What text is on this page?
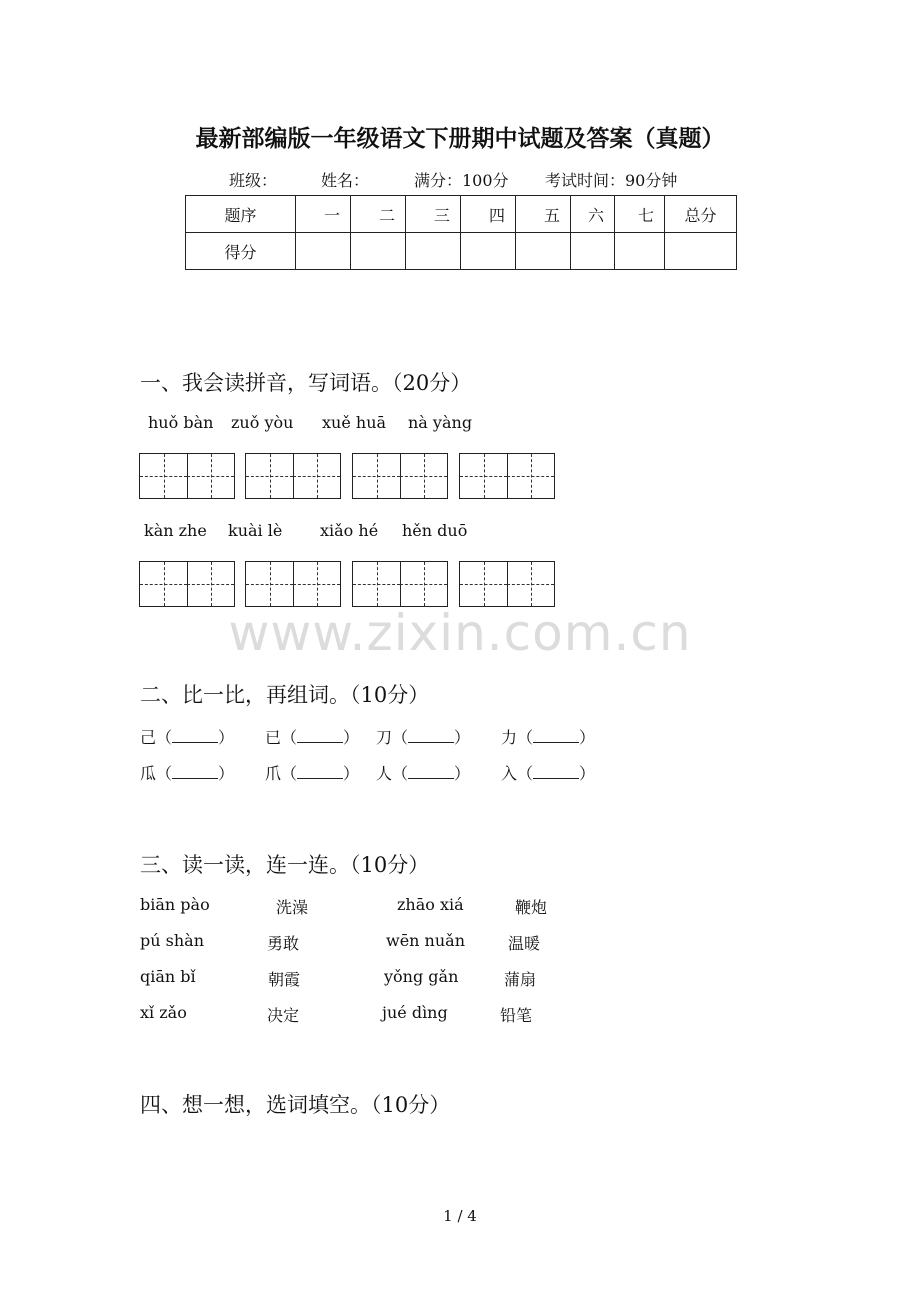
最新部编版一年级语文下册期中试题及答案（真题）
班级：	姓名：	满分：100分 考试时间：90分钟
题序	一	二	三	四	五	六	七	总分
得分								
一、我会读拼音，写词语。（20分）
huǒ bàn zuǒ yòu xuě huā nà yàng
kàn zhe kuài lè xiǎo hé hěn duō
www.zixin.com.cn
二、比一比，再组词。（10分）
己（	） 已（	） 刀（	） 力（	）
瓜（	） 爪（	） 人（	） 入（	）
三、读一读，连一连。（10分）
biān pào	洗澡	zhāo xiá	鞭炮
pú shàn	勇敢	wēn nuǎn	温暖
qiān bǐ	朝霞	yǒng gǎn	蒲扇
xǐ zǎo	决定	jué dìng	铅笔
四、想一想，选词填空。（10分）
1 / 4
